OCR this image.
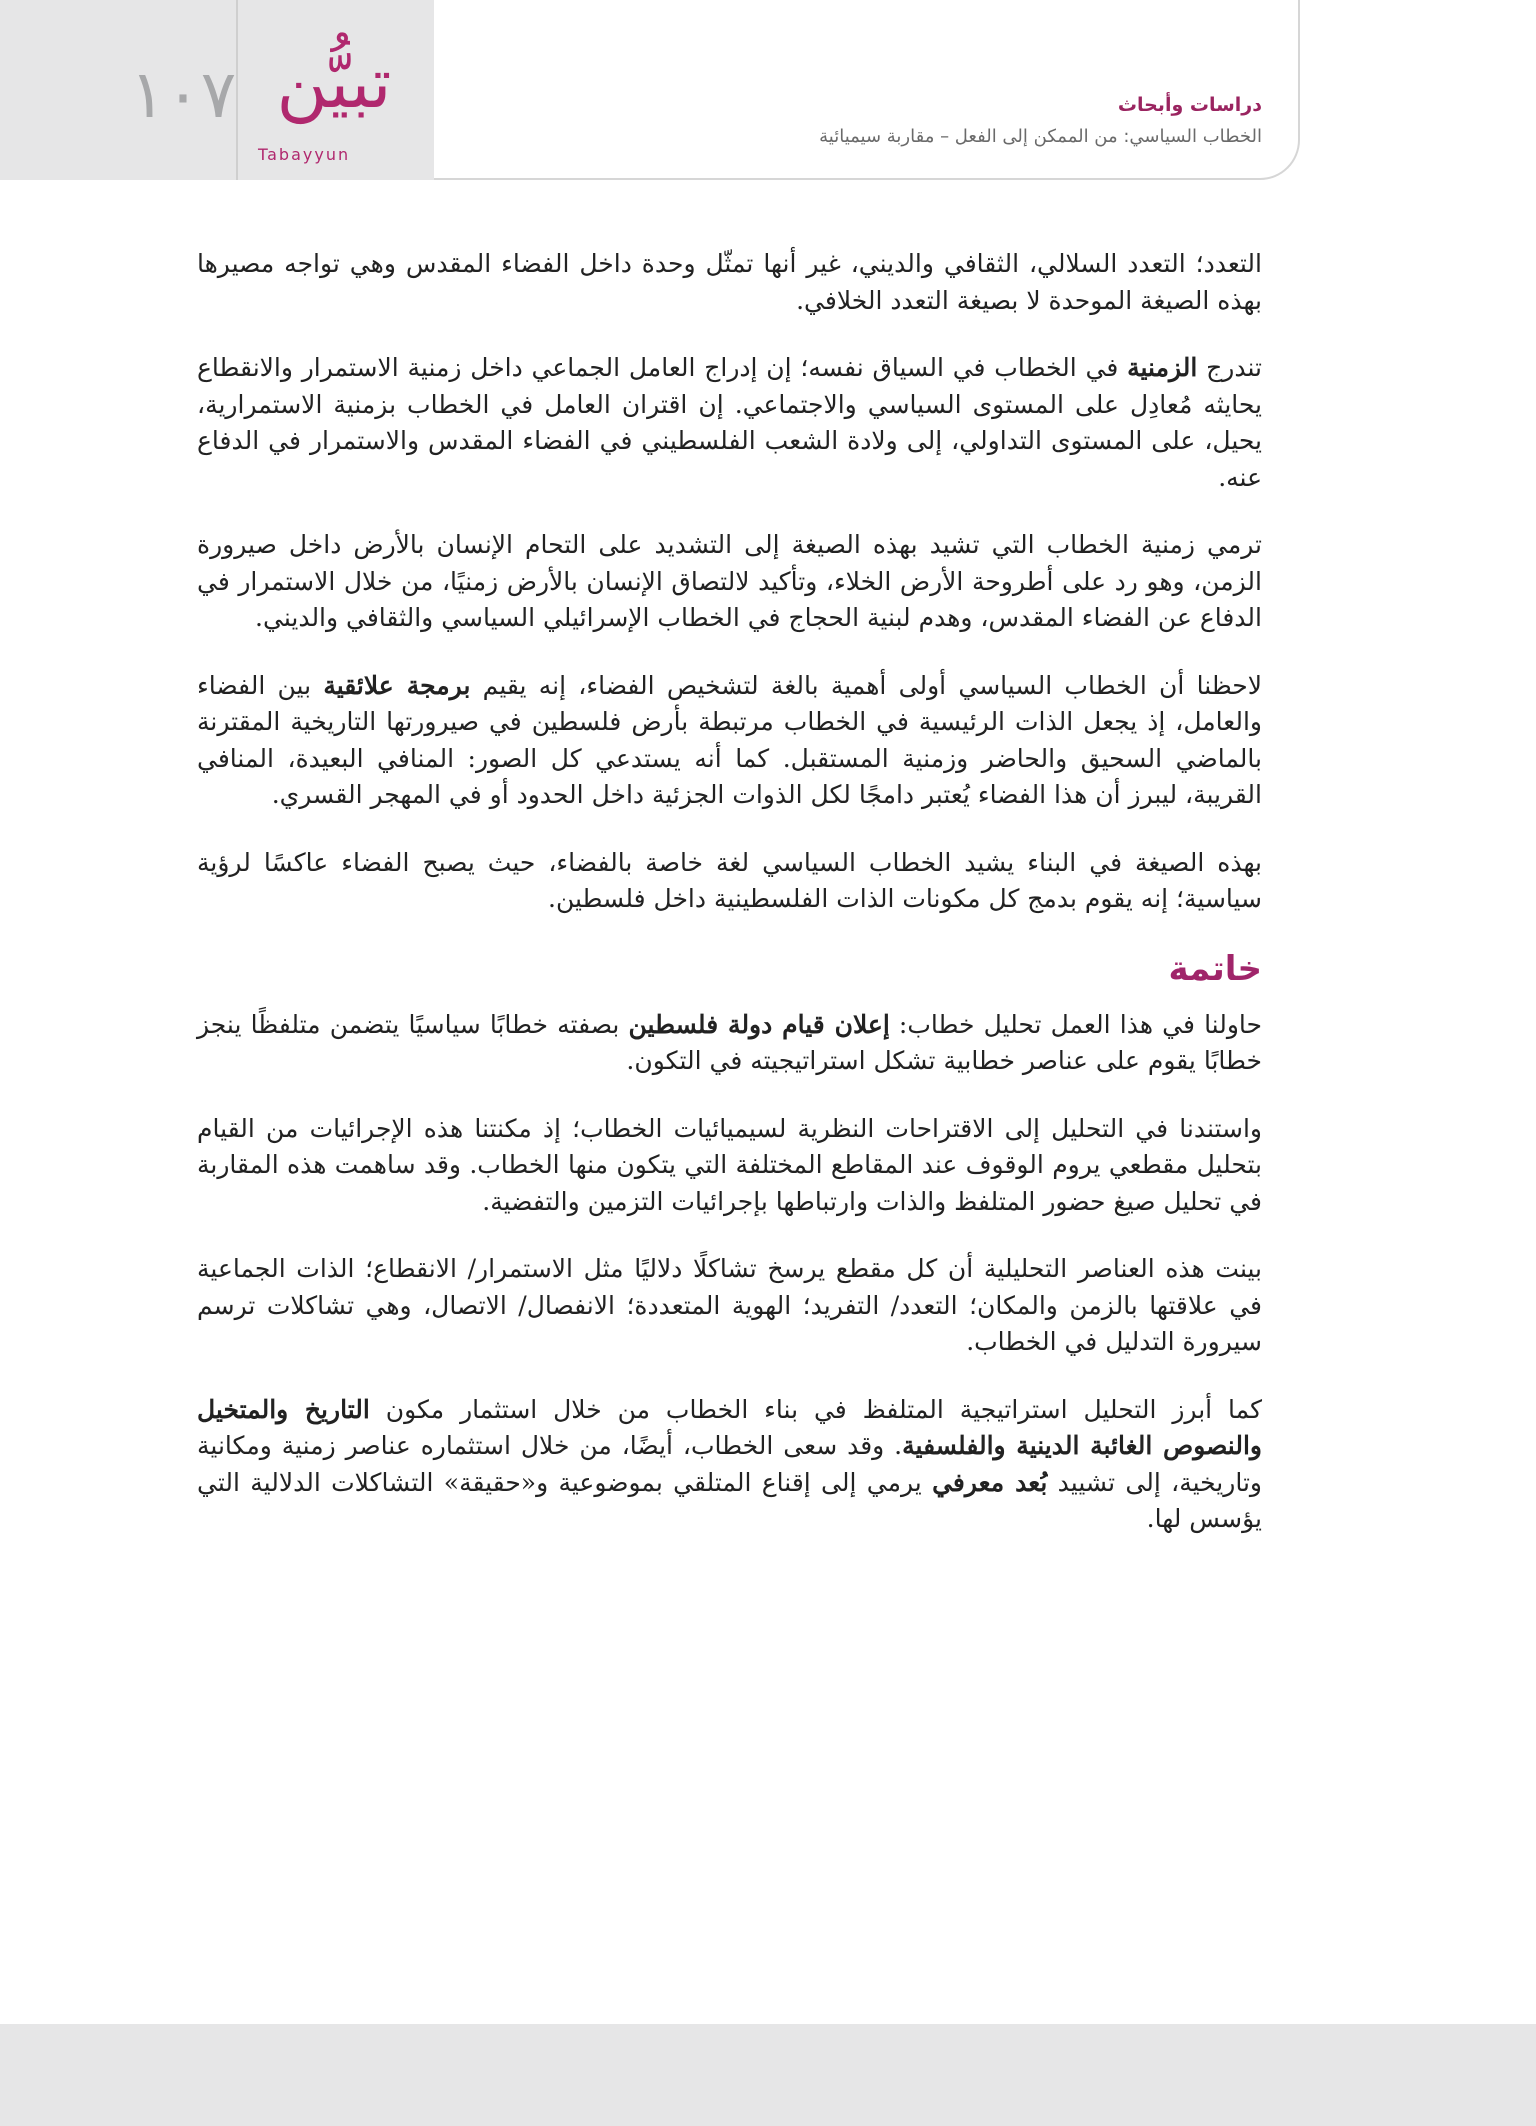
١٠٧ تبيُّن
Tabayyun
دراسات وأبحاث
الخطاب السياسي: من الممكن إلى الفعل – مقاربة سيميائية

التعدد؛ التعدد السلالي، الثقافي والديني، غير أنها تمثّل وحدة داخل الفضاء المقدس وهي تواجه مصيرها بهذه الصيغة الموحدة لا بصيغة التعدد الخلافي.

تندرج الزمنية في الخطاب في السياق نفسه؛ إن إدراج العامل الجماعي داخل زمنية الاستمرار والانقطاع يحايثه مُعادِل على المستوى السياسي والاجتماعي. إن اقتران العامل في الخطاب بزمنية الاستمرارية، يحيل، على المستوى التداولي، إلى ولادة الشعب الفلسطيني في الفضاء المقدس والاستمرار في الدفاع عنه.

ترمي زمنية الخطاب التي تشيد بهذه الصيغة إلى التشديد على التحام الإنسان بالأرض داخل صيرورة الزمن، وهو رد على أطروحة الأرض الخلاء، وتأكيد لالتصاق الإنسان بالأرض زمنيًا، من خلال الاستمرار في الدفاع عن الفضاء المقدس، وهدم لبنية الحجاج في الخطاب الإسرائيلي السياسي والثقافي والديني.

لاحظنا أن الخطاب السياسي أولى أهمية بالغة لتشخيص الفضاء، إنه يقيم برمجة علائقية بين الفضاء والعامل، إذ يجعل الذات الرئيسية في الخطاب مرتبطة بأرض فلسطين في صيرورتها التاريخية المقترنة بالماضي السحيق والحاضر وزمنية المستقبل. كما أنه يستدعي كل الصور: المنافي البعيدة، المنافي القريبة، ليبرز أن هذا الفضاء يُعتبر دامجًا لكل الذوات الجزئية داخل الحدود أو في المهجر القسري.

بهذه الصيغة في البناء يشيد الخطاب السياسي لغة خاصة بالفضاء، حيث يصبح الفضاء عاكسًا لرؤية سياسية؛ إنه يقوم بدمج كل مكونات الذات الفلسطينية داخل فلسطين.

خاتمة

حاولنا في هذا العمل تحليل خطاب: إعلان قيام دولة فلسطين بصفته خطابًا سياسيًا يتضمن متلفظًا ينجز خطابًا يقوم على عناصر خطابية تشكل استراتيجيته في التكون.

واستندنا في التحليل إلى الاقتراحات النظرية لسيميائيات الخطاب؛ إذ مكنتنا هذه الإجرائيات من القيام بتحليل مقطعي يروم الوقوف عند المقاطع المختلفة التي يتكون منها الخطاب. وقد ساهمت هذه المقاربة في تحليل صيغ حضور المتلفظ والذات وارتباطها بإجرائيات التزمين والتفضية.

بينت هذه العناصر التحليلية أن كل مقطع يرسخ تشاكلًا دلاليًا مثل الاستمرار/ الانقطاع؛ الذات الجماعية في علاقتها بالزمن والمكان؛ التعدد/ التفريد؛ الهوية المتعددة؛ الانفصال/ الاتصال، وهي تشاكلات ترسم سيرورة التدليل في الخطاب.

كما أبرز التحليل استراتيجية المتلفظ في بناء الخطاب من خلال استثمار مكون التاريخ والمتخيل والنصوص الغائبة الدينية والفلسفية. وقد سعى الخطاب، أيضًا، من خلال استثماره عناصر زمنية ومكانية وتاريخية، إلى تشييد بُعد معرفي يرمي إلى إقناع المتلقي بموضوعية و«حقيقة» التشاكلات الدلالية التي يؤسس لها.
